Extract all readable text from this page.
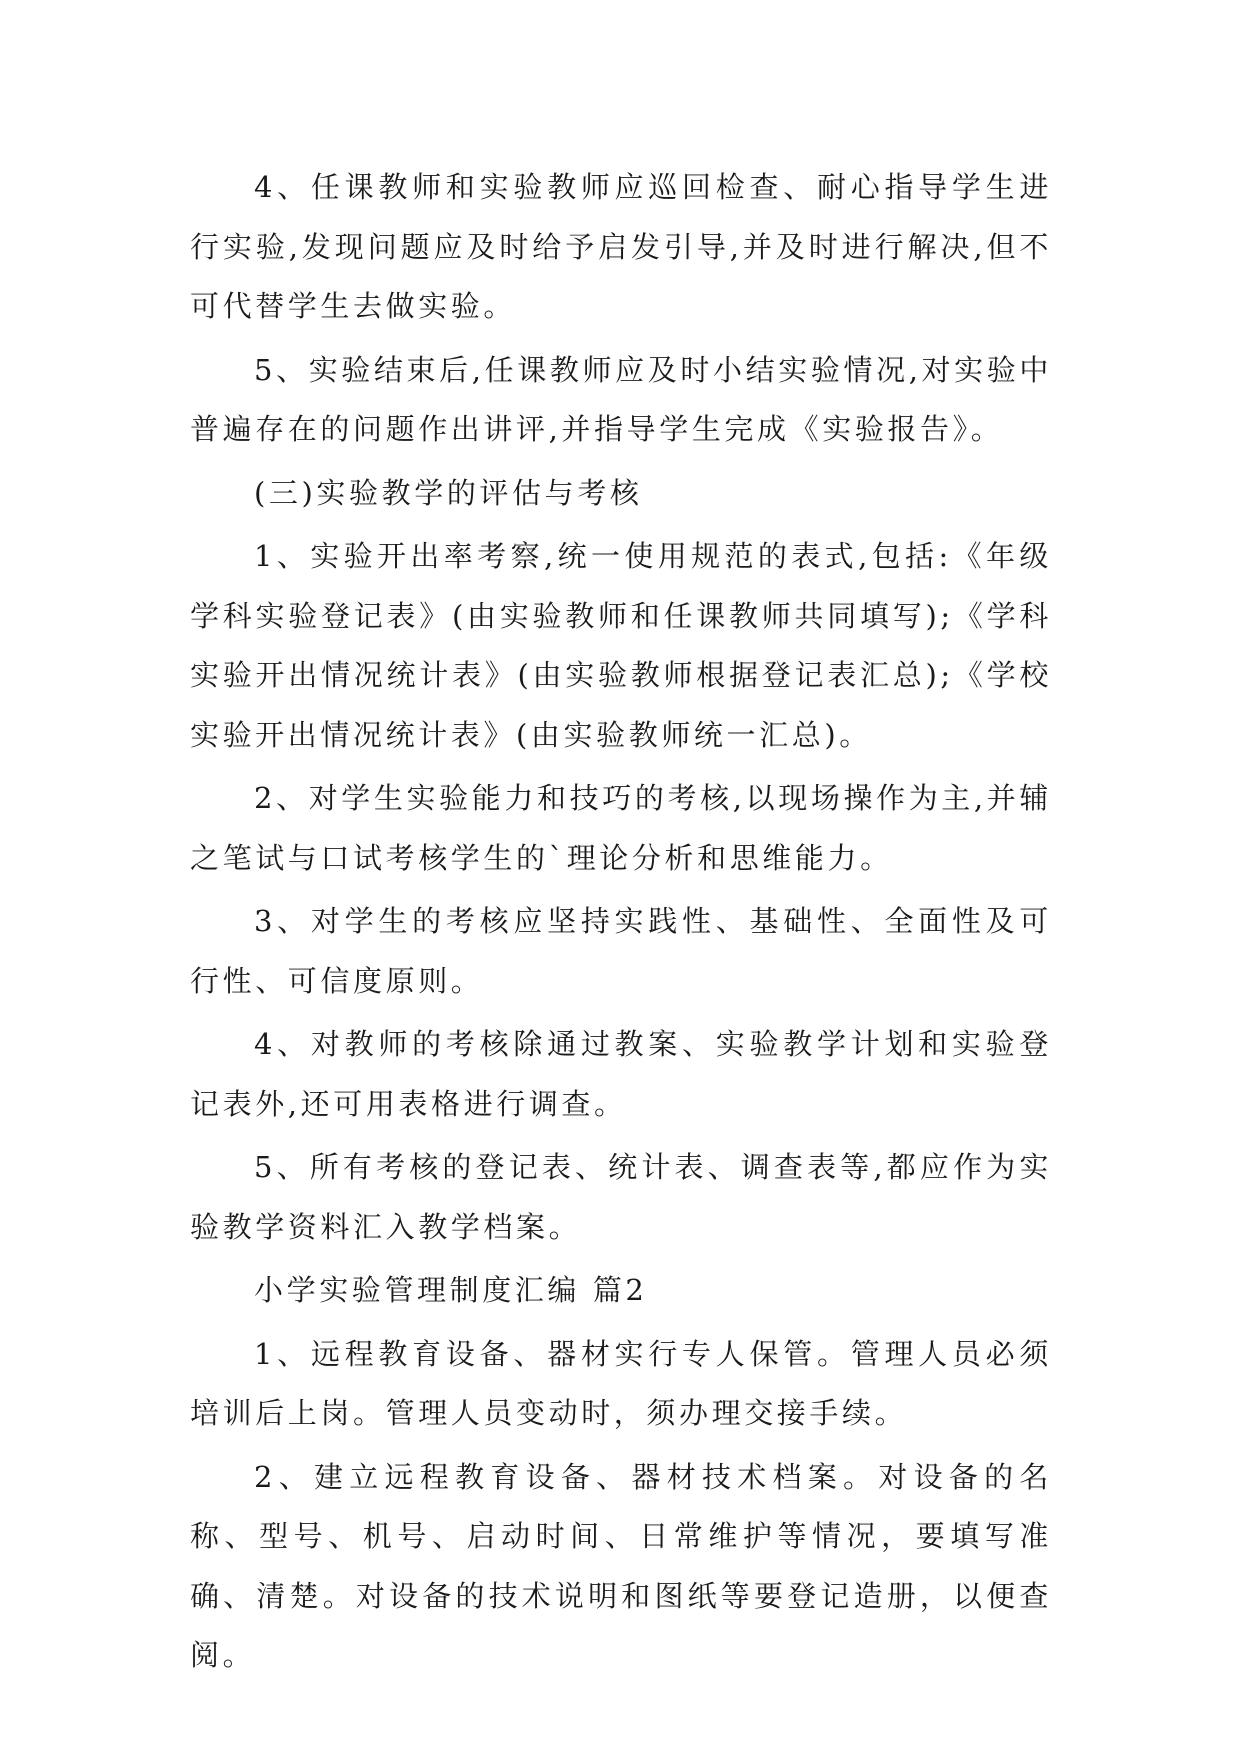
4、任课教师和实验教师应巡回检查、耐心指导学生进行实验,发现问题应及时给予启发引导,并及时进行解决,但不可代替学生去做实验。

5、实验结束后,任课教师应及时小结实验情况,对实验中普遍存在的问题作出讲评,并指导学生完成《实验报告》。

(三)实验教学的评估与考核

1、实验开出率考察,统一使用规范的表式,包括:《年级学科实验登记表》(由实验教师和任课教师共同填写);《学科实验开出情况统计表》(由实验教师根据登记表汇总);《学校实验开出情况统计表》(由实验教师统一汇总)。

2、对学生实验能力和技巧的考核,以现场操作为主,并辅之笔试与口试考核学生的`理论分析和思维能力。

3、对学生的考核应坚持实践性、基础性、全面性及可行性、可信度原则。

4、对教师的考核除通过教案、实验教学计划和实验登记表外,还可用表格进行调查。

5、所有考核的登记表、统计表、调查表等,都应作为实验教学资料汇入教学档案。

小学实验管理制度汇编 篇2

1、远程教育设备、器材实行专人保管。管理人员必须培训后上岗。管理人员变动时，须办理交接手续。

2、建立远程教育设备、器材技术档案。对设备的名称、型号、机号、启动时间、日常维护等情况，要填写准确、清楚。对设备的技术说明和图纸等要登记造册，以便查阅。
